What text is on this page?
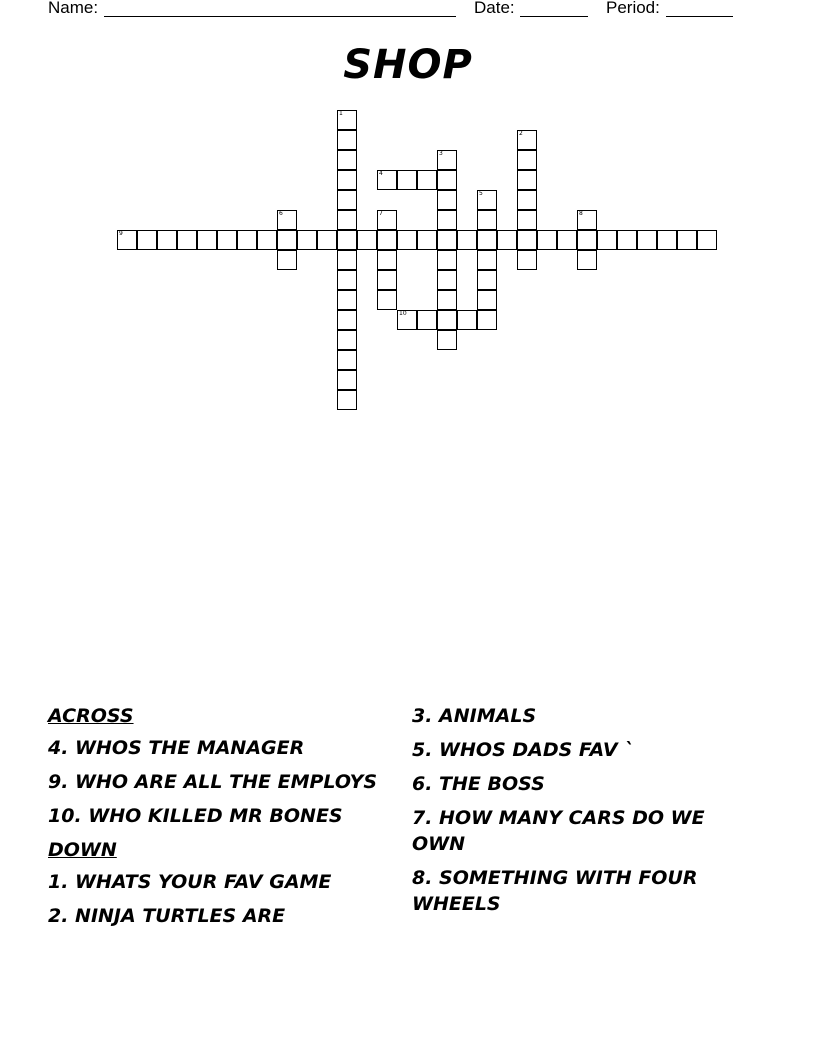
Name:	Date:	Period:
SHOP
1
2
3
4
5
6	7	8
9
10
ACROSS
4. WHOS THE MANAGER
9. WHO ARE ALL THE EMPLOYS
10. WHO KILLED MR BONES
DOWN
1. WHATS YOUR FAV GAME
2. NINJA TURTLES ARE
3. ANIMALS
5. WHOS DADS FAV `
6. THE BOSS
7. HOW MANY CARS DO WE OWN
8. SOMETHING WITH FOUR WHEELS
